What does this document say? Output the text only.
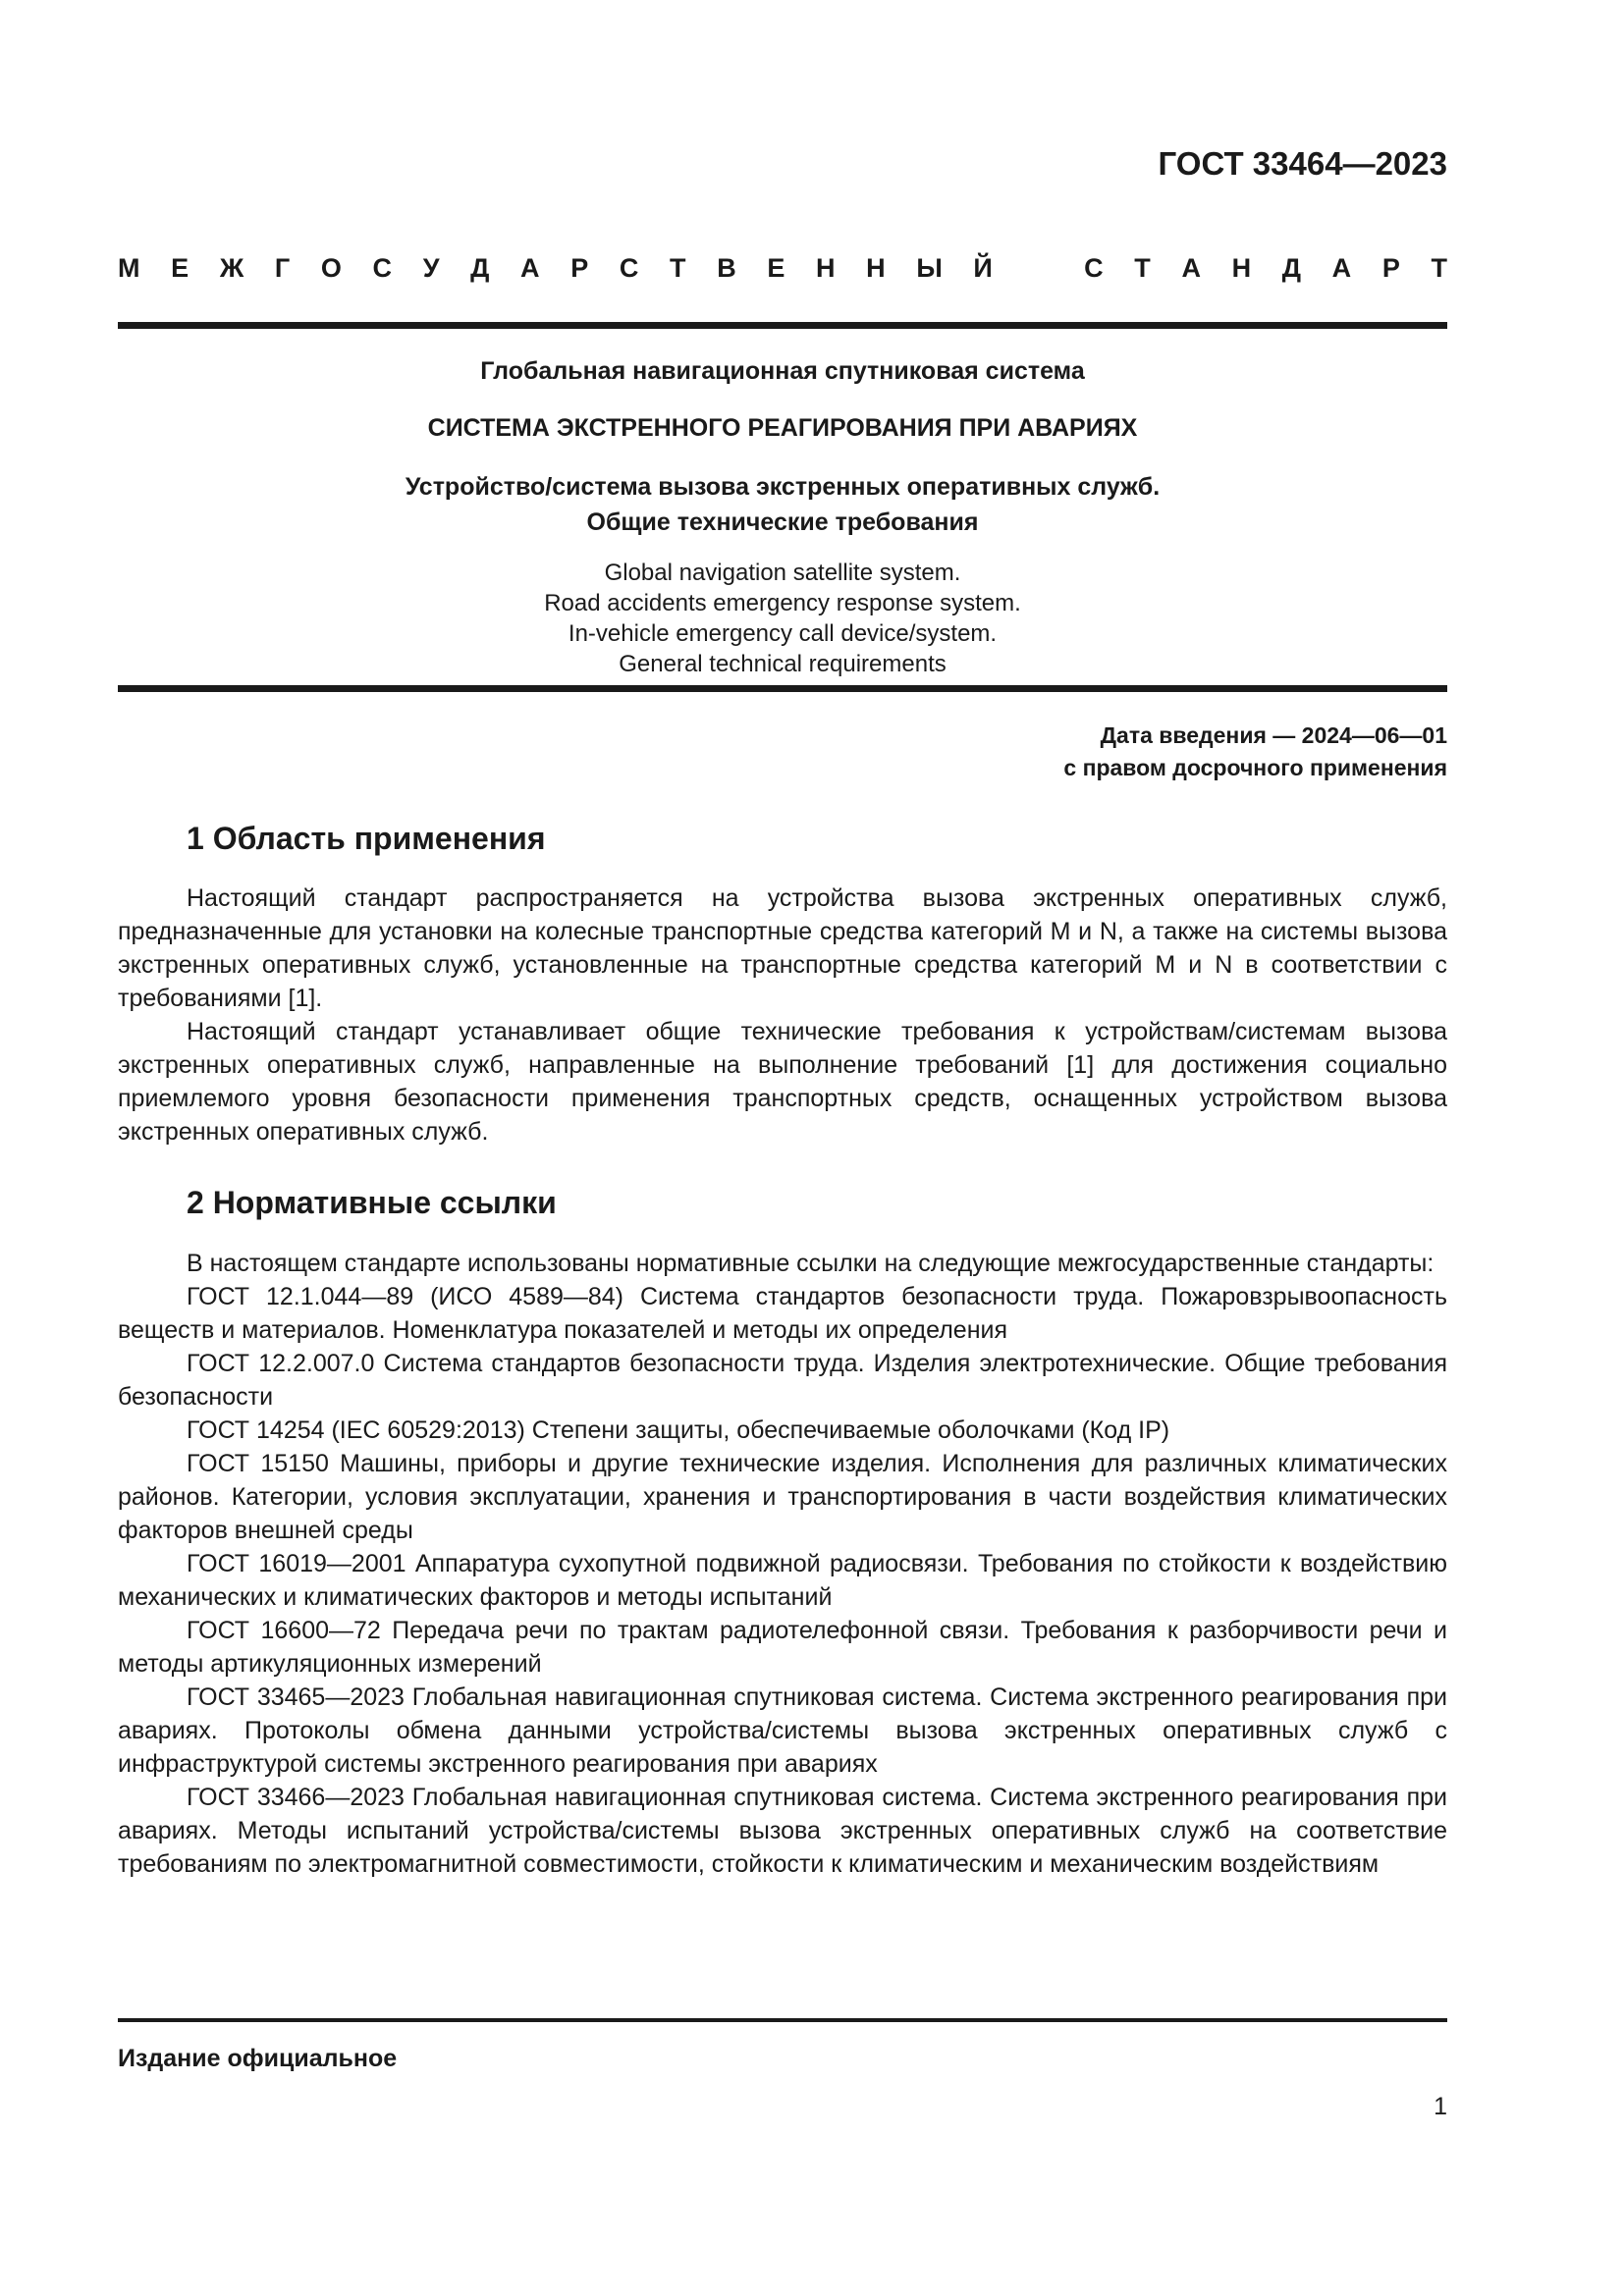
ГОСТ 33464—2023
М Е Ж Г О С У Д А Р С Т В Е Н Н Ы Й	С Т А Н Д А Р Т
Глобальная навигационная спутниковая система
СИСТЕМА ЭКСТРЕННОГО РЕАГИРОВАНИЯ ПРИ АВАРИЯХ
Устройство/система вызова экстренных оперативных служб.
Общие технические требования
Global navigation satellite system.
Road accidents emergency response system.
In-vehicle emergency call device/system.
General technical requirements
Дата введения — 2024—06—01
с правом досрочного применения
1 Область применения

Настоящий стандарт распространяется на устройства вызова экстренных оперативных служб, предназначенные для установки на колесные транспортные средства категорий М и N, а также на системы вызова экстренных оперативных служб, установленные на транспортные средства категорий М и N в соответствии с требованиями [1].

Настоящий стандарт устанавливает общие технические требования к устройствам/системам вызова экстренных оперативных служб, направленные на выполнение требований [1] для достижения социально приемлемого уровня безопасности применения транспортных средств, оснащенных устройством вызова экстренных оперативных служб.

2 Нормативные ссылки

В настоящем стандарте использованы нормативные ссылки на следующие межгосударственные стандарты:

ГОСТ 12.1.044—89 (ИСО 4589—84) Система стандартов безопасности труда. Пожаровзрывоопасность веществ и материалов. Номенклатура показателей и методы их определения

ГОСТ 12.2.007.0 Система стандартов безопасности труда. Изделия электротехнические. Общие требования безопасности

ГОСТ 14254 (IEC 60529:2013) Степени защиты, обеспечиваемые оболочками (Код IP)

ГОСТ 15150 Машины, приборы и другие технические изделия. Исполнения для различных климатических районов. Категории, условия эксплуатации, хранения и транспортирования в части воздействия климатических факторов внешней среды

ГОСТ 16019—2001 Аппаратура сухопутной подвижной радиосвязи. Требования по стойкости к воздействию механических и климатических факторов и методы испытаний

ГОСТ 16600—72 Передача речи по трактам радиотелефонной связи. Требования к разборчивости речи и методы артикуляционных измерений

ГОСТ 33465—2023 Глобальная навигационная спутниковая система. Система экстренного реагирования при авариях. Протоколы обмена данными устройства/системы вызова экстренных оперативных служб с инфраструктурой системы экстренного реагирования при авариях

ГОСТ 33466—2023 Глобальная навигационная спутниковая система. Система экстренного реагирования при авариях. Методы испытаний устройства/системы вызова экстренных оперативных служб на соответствие требованиям по электромагнитной совместимости, стойкости к климатическим и механическим воздействиям

Издание официальное
1
